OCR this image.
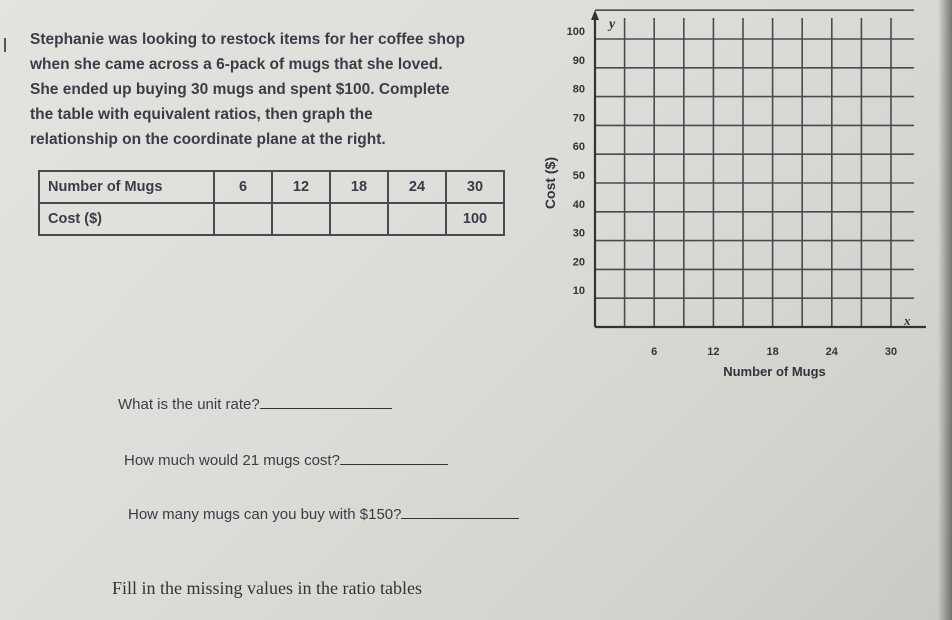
Stephanie was looking to restock items for her coffee shop
when she came across a 6-pack of mugs that she loved.
She ended up buying 30 mugs and spent $100. Complete
the table with equivalent ratios, then graph the
relationship on the coordinate plane at the right.
Number of Mugs	6	12	18	24	30
Cost ($)					100
y
x
6	12	18	24	30
10
20
30
40
50
60
70
80
90
100
Number of Mugs
Cost ($)
What is the unit rate?
How much would 21 mugs cost?
How many mugs can you buy with $150?
Fill in the missing values in the ratio tables
